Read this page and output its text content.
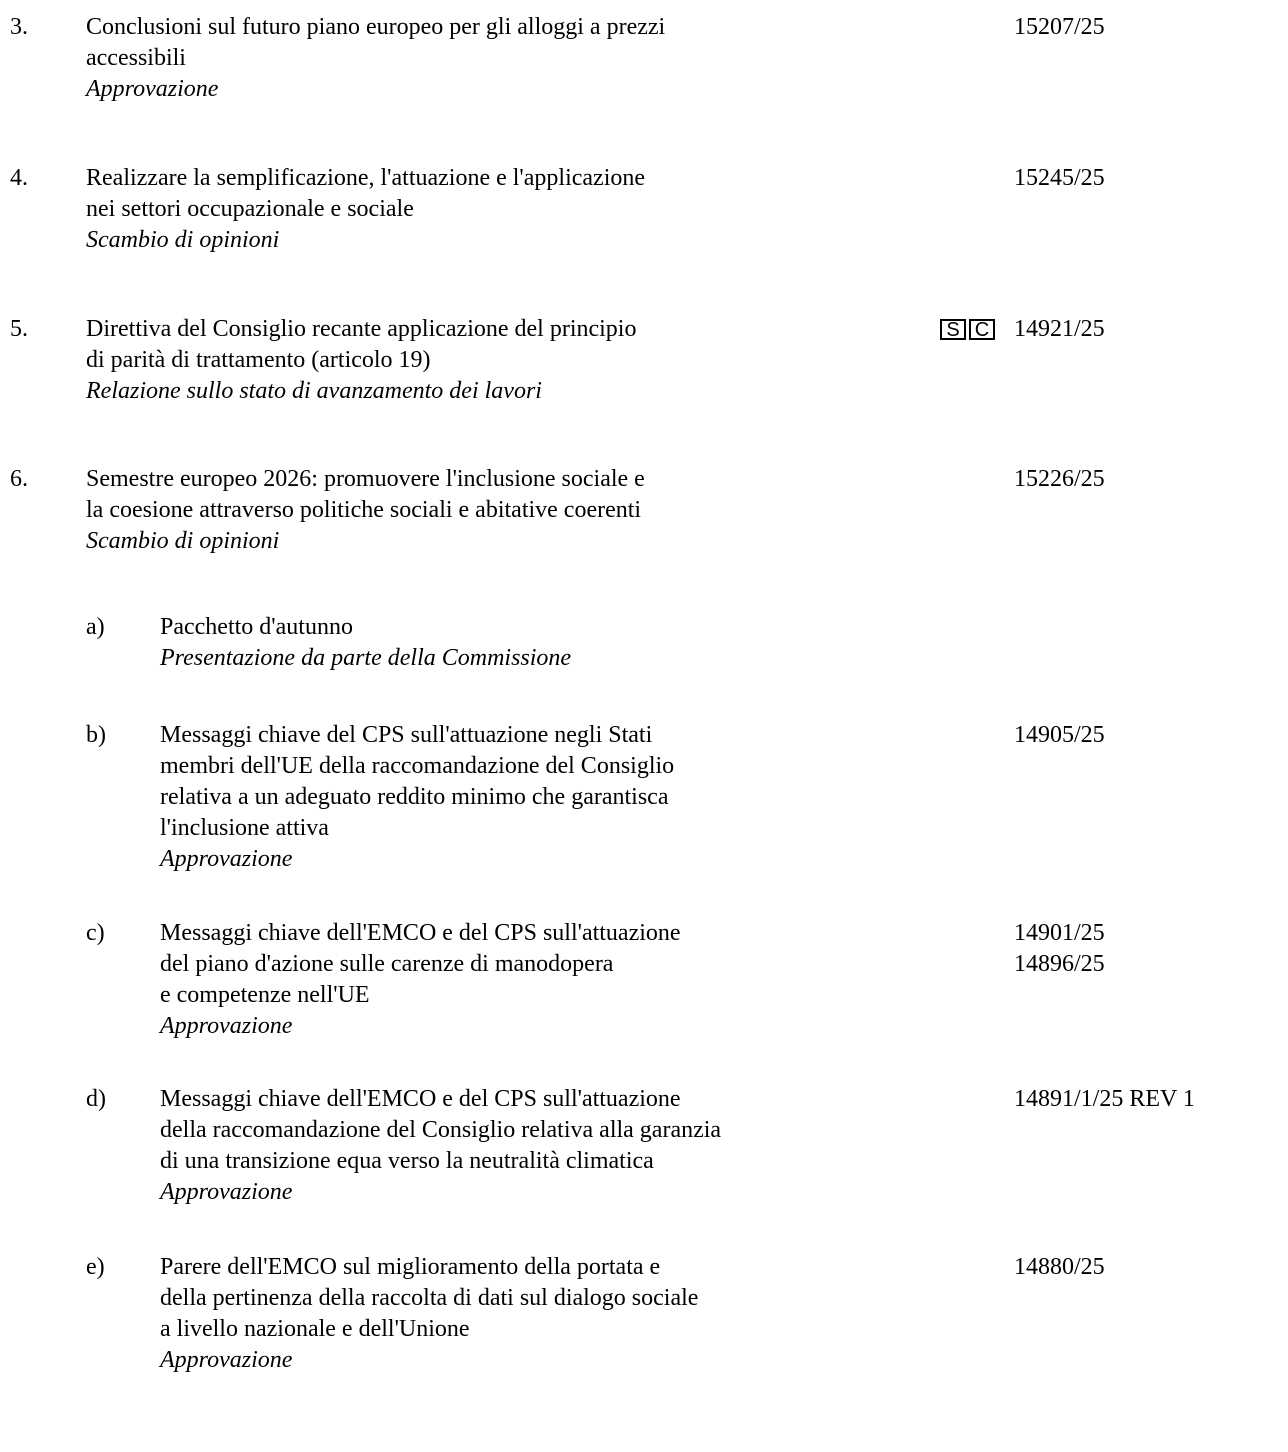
3. Conclusioni sul futuro piano europeo per gli alloggi a prezzi
accessibili
Approvazione
15207/25
4. Realizzare la semplificazione, l'attuazione e l'applicazione
nei settori occupazionale e sociale
Scambio di opinioni
15245/25
5. Direttiva del Consiglio recante applicazione del principio
di parità di trattamento (articolo 19)
Relazione sullo stato di avanzamento dei lavori
S C 14921/25
6. Semestre europeo 2026: promuovere l'inclusione sociale e
la coesione attraverso politiche sociali e abitative coerenti
Scambio di opinioni
15226/25
a) Pacchetto d'autunno
Presentazione da parte della Commissione
b) Messaggi chiave del CPS sull'attuazione negli Stati
membri dell'UE della raccomandazione del Consiglio
relativa a un adeguato reddito minimo che garantisca
l'inclusione attiva
Approvazione
14905/25
c) Messaggi chiave dell'EMCO e del CPS sull'attuazione
del piano d'azione sulle carenze di manodopera
e competenze nell'UE
Approvazione
14901/25
14896/25
d) Messaggi chiave dell'EMCO e del CPS sull'attuazione
della raccomandazione del Consiglio relativa alla garanzia
di una transizione equa verso la neutralità climatica
Approvazione
14891/1/25 REV 1
e) Parere dell'EMCO sul miglioramento della portata e
della pertinenza della raccolta di dati sul dialogo sociale
a livello nazionale e dell'Unione
Approvazione
14880/25
